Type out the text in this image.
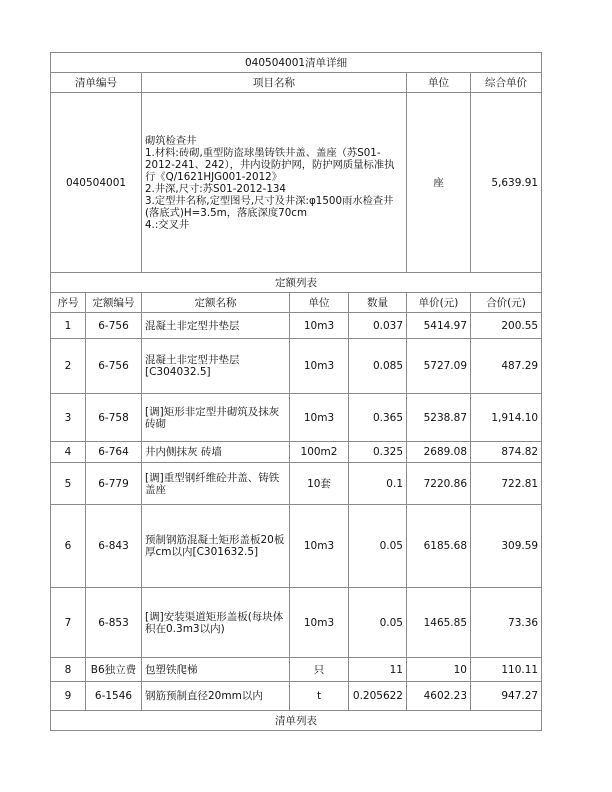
040504001清单详细						
清单编号		项目名称			单位	综合单价
040504001		砌筑检查井
1.材料:砖砌,重型防盗球墨铸铁井盖、盖座（苏S01-2012-241、242），井内设防护网，防护网质量标准执行《Q/1621HJG001-2012》
2.井深,尺寸:苏S01-2012-134
3.定型井名称,定型图号,尺寸及井深:φ1500雨水检查井(落底式)H=3.5m，落底深度70cm
4.:交叉井			座	5,639.91
定额列表						
序号	定额编号	定额名称	单位	数量	单价(元)	合价(元)
1	6-756	混凝土非定型井垫层	10m3	0.037	5414.97	200.55
2	6-756	混凝土非定型井垫层 [C304032.5]	10m3	0.085	5727.09	487.29
3	6-758	[调]矩形非定型井砌筑及抹灰 砖砌	10m3	0.365	5238.87	1,914.10
4	6-764	井内侧抹灰 砖墙	100m2	0.325	2689.08	874.82
5	6-779	[调]重型钢纤维砼井盖、铸铁盖座	10套	0.1	7220.86	722.81
6	6-843	预制钢筋混凝土矩形盖板20板厚cm以内[C301632.5]	10m3	0.05	6185.68	309.59
7	6-853	[调]安装渠道矩形盖板(每块体积在0.3m3以内)	10m3	0.05	1465.85	73.36
8	B6独立费	包塑铁爬梯	只	11	10	110.11
9	6-1546	钢筋预制直径20mm以内	t	0.205622	4602.23	947.27
清单列表						
